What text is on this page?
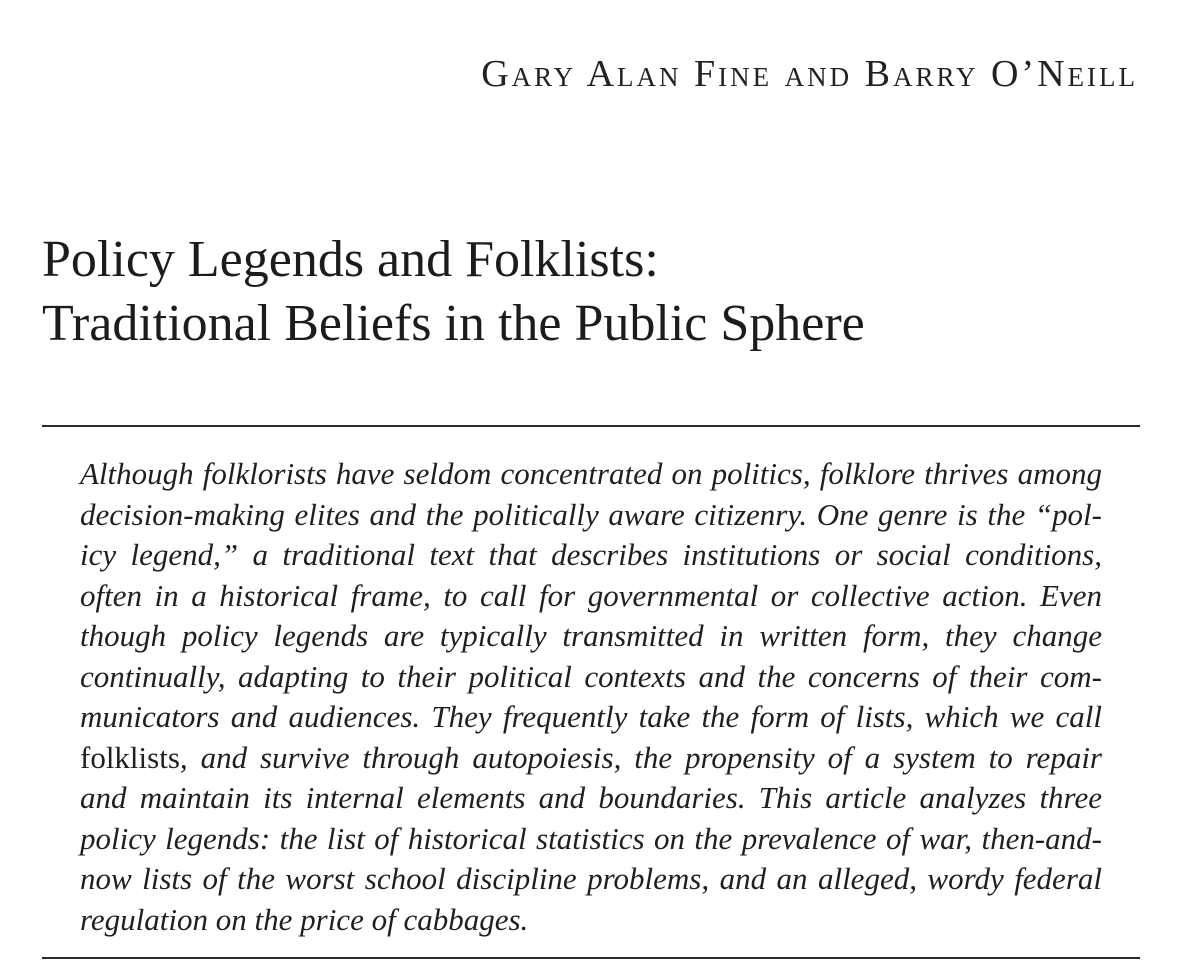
Gary Alan Fine and Barry O’Neill
Policy Legends and Folklists:
Traditional Beliefs in the Public Sphere
Although folklorists have seldom concentrated on politics, folklore thrives among
decision-making elites and the politically aware citizenry. One genre is the “pol-
icy legend,” a traditional text that describes institutions or social conditions,
often in a historical frame, to call for governmental or collective action. Even
though policy legends are typically transmitted in written form, they change
continually, adapting to their political contexts and the concerns of their com-
municators and audiences. They frequently take the form of lists, which we call
folklists, and survive through autopoiesis, the propensity of a system to repair
and maintain its internal elements and boundaries. This article analyzes three
policy legends: the list of historical statistics on the prevalence of war, then-and-
now lists of the worst school discipline problems, and an alleged, wordy federal
regulation on the price of cabbages.
